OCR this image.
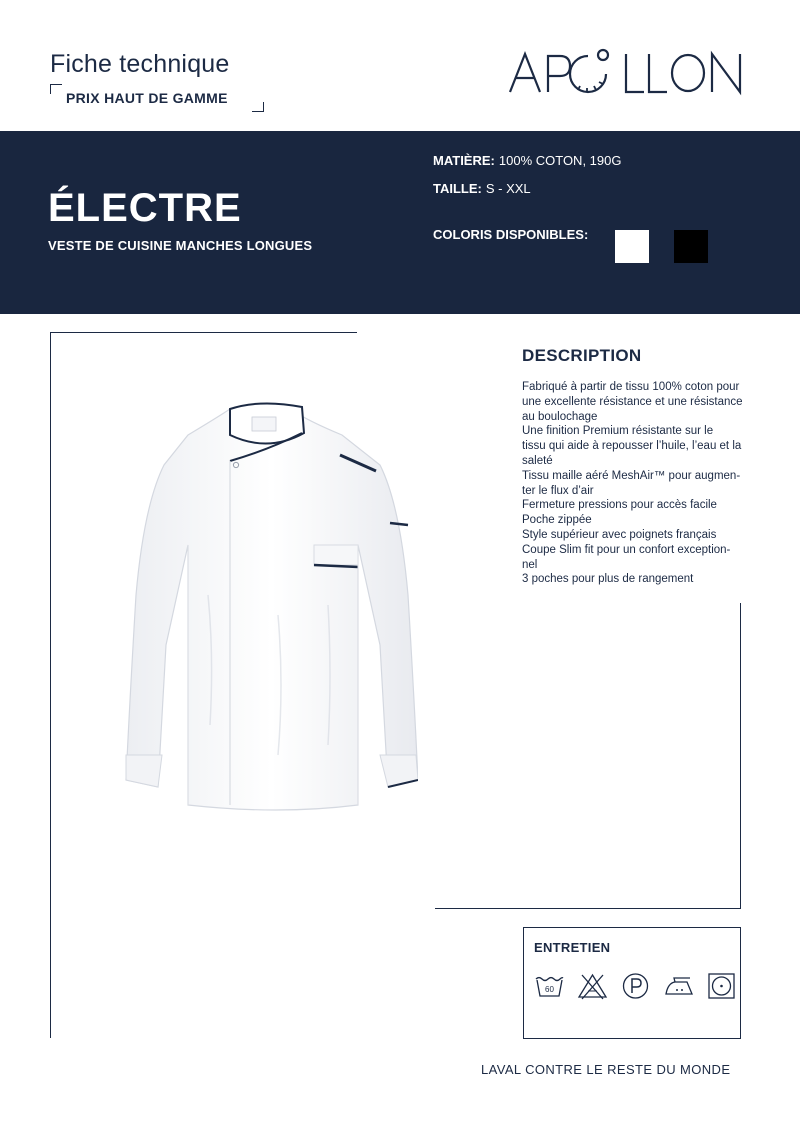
Fiche technique
PRIX HAUT DE GAMME
ÉLECTRE
VESTE DE CUISINE MANCHES LONGUES
MATIÈRE: 100% COTON, 190G
TAILLE: S - XXL
COLORIS DISPONIBLES:
DESCRIPTION
Fabriqué à partir de tissu 100% coton pour
une excellente résistance et une résistance
au boulochage
Une finition Premium résistante sur le
tissu qui aide à repousser l’huile, l’eau et la
saleté
Tissu maille aéré MeshAir™ pour augmen-
ter le flux d’air
Fermeture pressions pour accès facile
Poche zippée
Style supérieur avec poignets français
Coupe Slim fit pour un confort exception-
nel
3 poches pour plus de rangement
ENTRETIEN
60
LAVAL CONTRE LE RESTE DU MONDE
